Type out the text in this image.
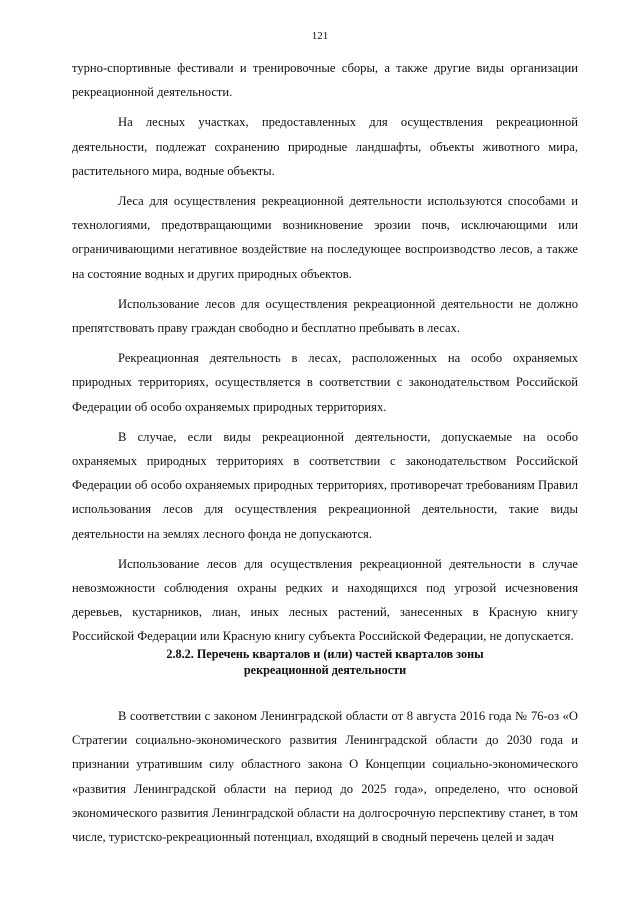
121

турно-спортивные фестивали и тренировочные сборы, а также другие виды организации рекреационной деятельности.

На лесных участках, предоставленных для осуществления рекреационной деятельности, подлежат сохранению природные ландшафты, объекты животного мира, растительного мира, водные объекты.

Леса для осуществления рекреационной деятельности используются способами и технологиями, предотвращающими возникновение эрозии почв, исключающими или ограничивающими негативное воздействие на последующее воспроизводство лесов, а также на состояние водных и других природных объектов.

Использование лесов для осуществления рекреационной деятельности не должно препятствовать праву граждан свободно и бесплатно пребывать в лесах.

Рекреационная деятельность в лесах, расположенных на особо охраняемых природных территориях, осуществляется в соответствии с законодательством Российской Федерации об особо охраняемых природных территориях.

В случае, если виды рекреационной деятельности, допускаемые на особо охраняемых природных территориях в соответствии с законодательством Российской Федерации об особо охраняемых природных территориях, противоречат требованиям Правил использования лесов для осуществления рекреационной деятельности, такие виды деятельности на землях лесного фонда не допускаются.

Использование лесов для осуществления рекреационной деятельности в случае невозможности соблюдения охраны редких и находящихся под угрозой исчезновения деревьев, кустарников, лиан, иных лесных растений, занесенных в Красную книгу Российской Федерации или Красную книгу субъекта Российской Федерации, не допускается.

2.8.2. Перечень кварталов и (или) частей кварталов зоны
рекреационной деятельности

В соответствии с законом Ленинградской области от 8 августа 2016 года № 76-оз «О Стратегии социально-экономического развития Ленинградской области до 2030 года и признании утратившим силу областного закона О Концепции социально-экономического «развития Ленинградской области на период до 2025 года», определено, что основой экономического развития Ленинградской области на долгосрочную перспективу станет, в том числе, туристско-рекреационный потенциал, входящий в сводный перечень целей и задач
